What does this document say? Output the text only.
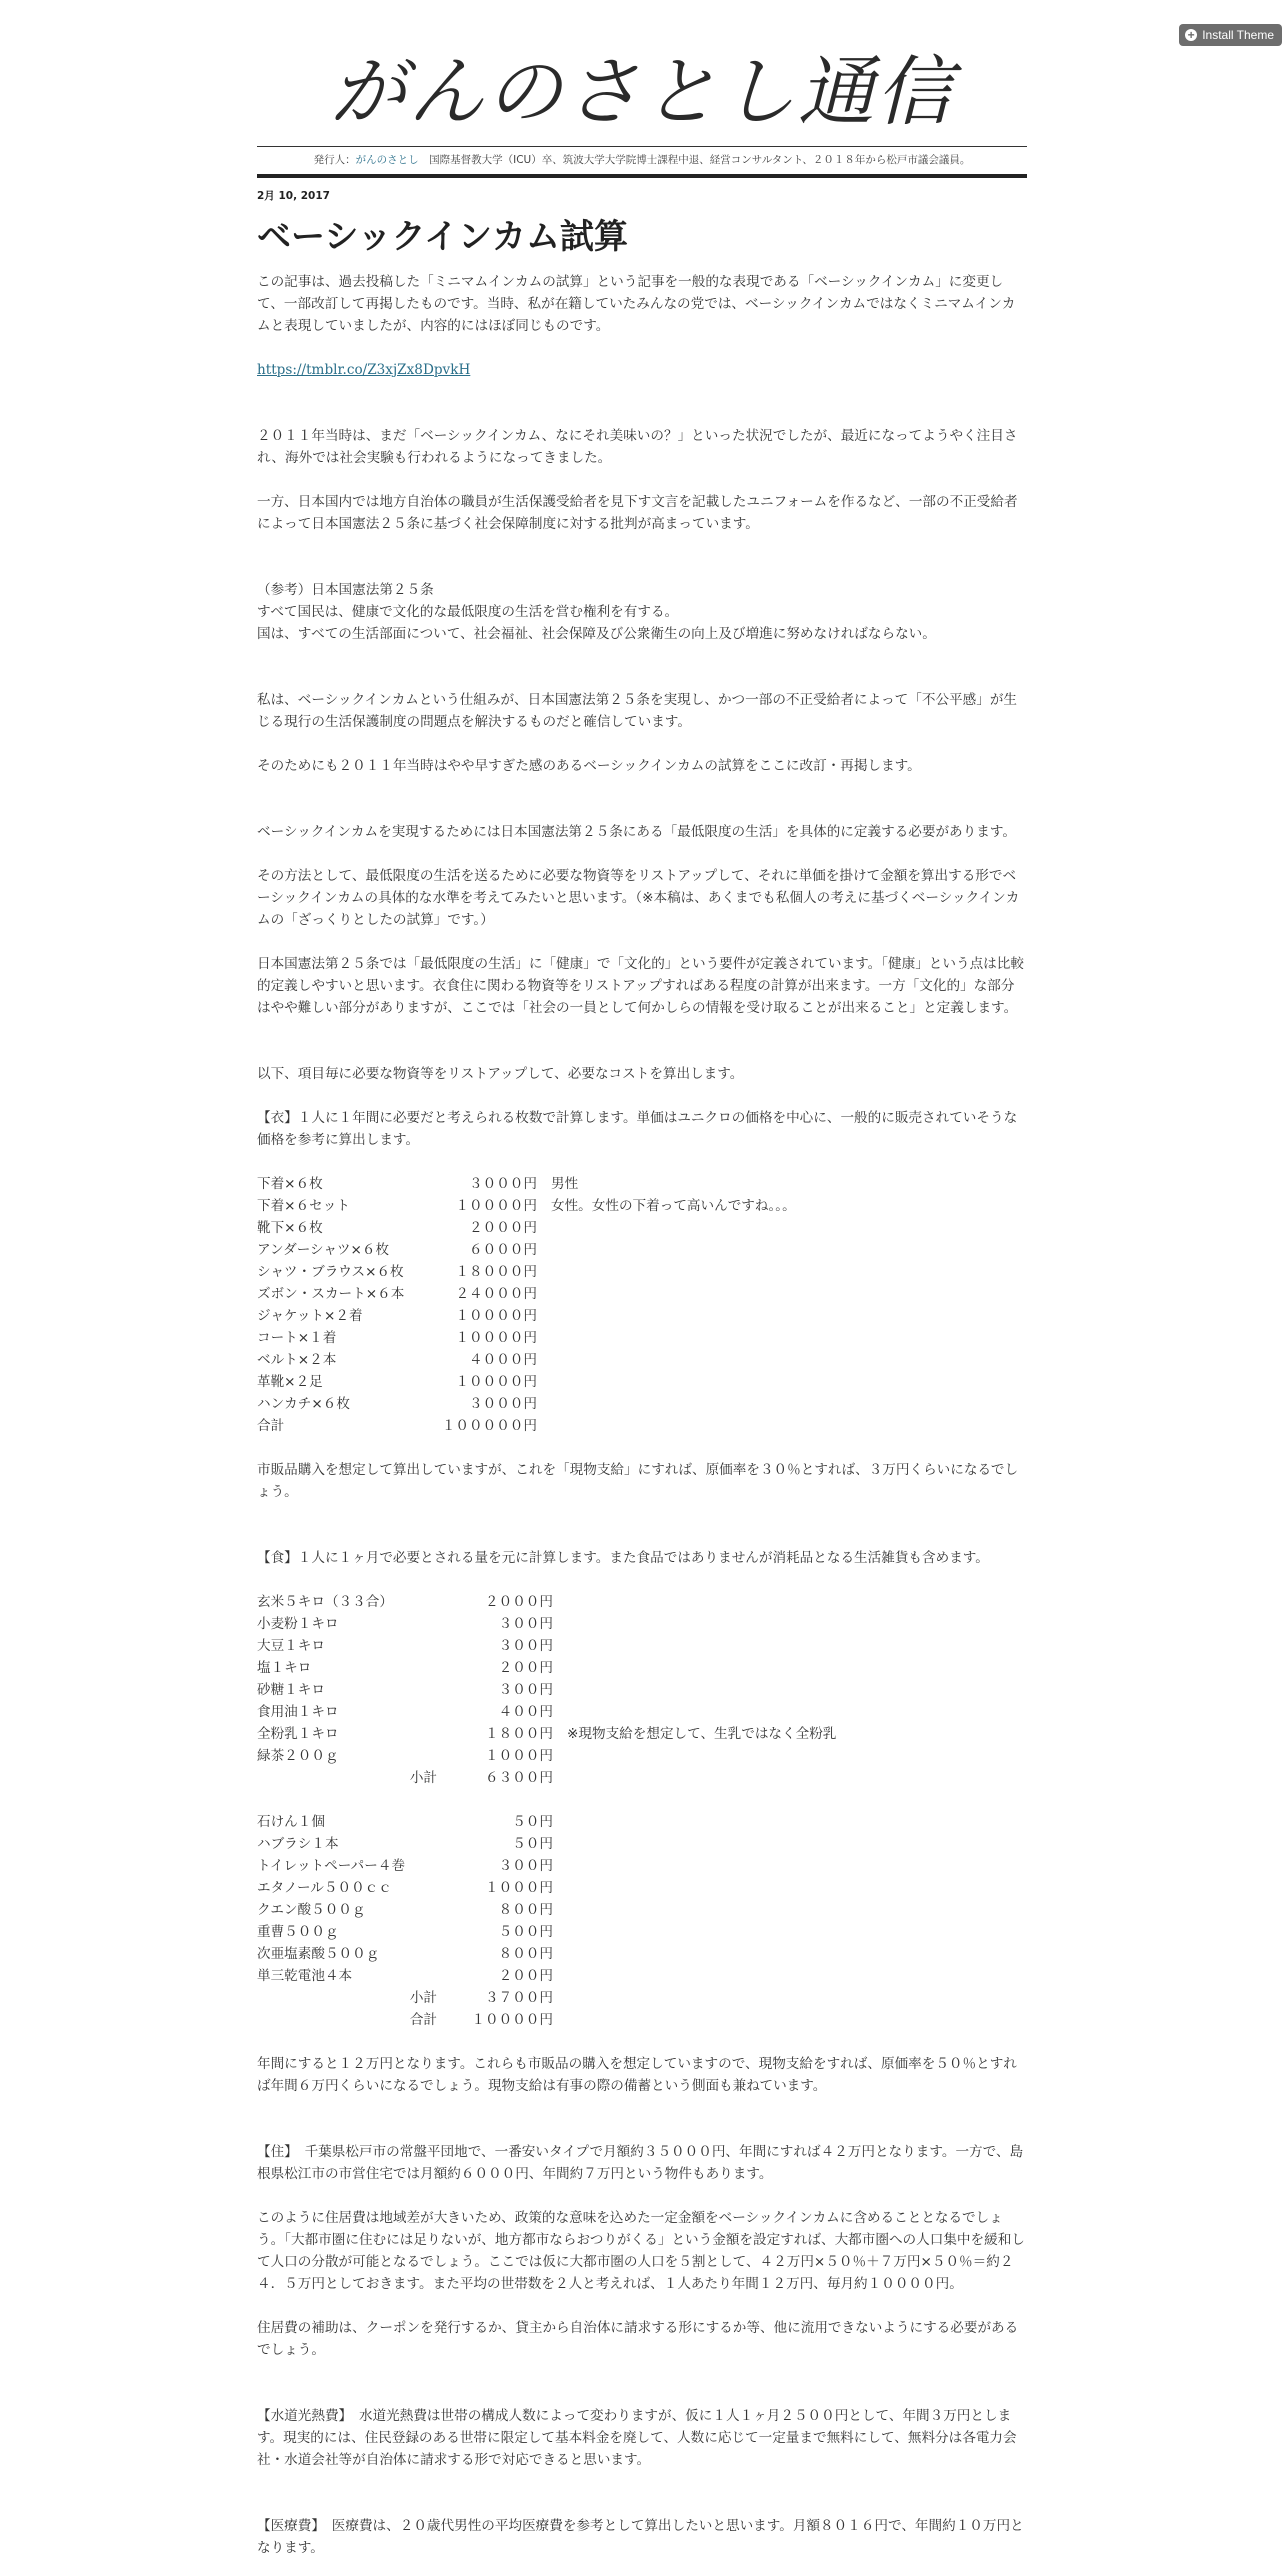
+ Install Theme
がんのさとし通信
発行人：がんのさとし　国際基督教大学（ICU）卒、筑波大学大学院博士課程中退、経営コンサルタント、２０１８年から松戸市議会議員。
2月 10, 2017
ベーシックインカム試算

この記事は、過去投稿した「ミニマムインカムの試算」という記事を一般的な表現である「ベーシックインカム」に変更して、一部改訂して再掲したものです。当時、私が在籍していたみんなの党では、ベーシックインカムではなくミニマムインカムと表現していましたが、内容的にはほぼ同じものです。

https://tmblr.co/Z3xjZx8DpvkH

２０１１年当時は、まだ「ベーシックインカム、なにそれ美味いの？」といった状況でしたが、最近になってようやく注目され、海外では社会実験も行われるようになってきました。

一方、日本国内では地方自治体の職員が生活保護受給者を見下す文言を記載したユニフォームを作るなど、一部の不正受給者によって日本国憲法２５条に基づく社会保障制度に対する批判が高まっています。

（参考）日本国憲法第２５条

すべて国民は、健康で文化的な最低限度の生活を営む権利を有する。

国は、すべての生活部面について、社会福祉、社会保障及び公衆衛生の向上及び増進に努めなければならない。

私は、ベーシックインカムという仕組みが、日本国憲法第２５条を実現し、かつ一部の不正受給者によって「不公平感」が生じる現行の生活保護制度の問題点を解決するものだと確信しています。

そのためにも２０１１年当時はやや早すぎた感のあるベーシックインカムの試算をここに改訂・再掲します。

ベーシックインカムを実現するためには日本国憲法第２５条にある「最低限度の生活」を具体的に定義する必要があります。

その方法として、最低限度の生活を送るために必要な物資等をリストアップして、それに単価を掛けて金額を算出する形でベーシックインカムの具体的な水準を考えてみたいと思います。（※本稿は、あくまでも私個人の考えに基づくベーシックインカムの「ざっくりとしたの試算」です。）

日本国憲法第２５条では「最低限度の生活」に「健康」で「文化的」という要件が定義されています。「健康」という点は比較的定義しやすいと思います。衣食住に関わる物資等をリストアップすればある程度の計算が出来ます。一方「文化的」な部分はやや難しい部分がありますが、ここでは「社会の一員として何かしらの情報を受け取ることが出来ること」と定義します。

以下、項目毎に必要な物資等をリストアップして、必要なコストを算出します。

【衣】１人に１年間に必要だと考えられる枚数で計算します。単価はユニクロの価格を中心に、一般的に販売されていそうな価格を参考に算出します。

下着×６枚	３０００円	男性
下着×６セット	１００００円	女性。女性の下着って高いんですね。。。
靴下×６枚	２０００円	
アンダーシャツ×６枚	６０００円	
シャツ・ブラウス×６枚	１８０００円	
ズボン・スカート×６本	２４０００円	
ジャケット×２着	１００００円	
コート×１着	１００００円	
ベルト×２本	４０００円	
革靴×２足	１００００円	
ハンカチ×６枚	３０００円	
合計	１０００００円	

市販品購入を想定して算出していますが、これを「現物支給」にすれば、原価率を３０％とすれば、３万円くらいになるでしょう。

【食】１人に１ヶ月で必要とされる量を元に計算します。また食品ではありませんが消耗品となる生活雑貨も含めます。

玄米５キロ（３３合）	２０００円	
小麦粉１キロ	３００円	
大豆１キロ	３００円	
塩１キロ	２００円	
砂糖１キロ	３００円	
食用油１キロ	４００円	
全粉乳１キロ	１８００円	※現物支給を想定して、生乳ではなく全粉乳
緑茶２００ｇ	１０００円	
小計	６３００円	
石けん１個	５０円
ハブラシ１本	５０円
トイレットペーパー４巻	３００円
エタノール５００ｃｃ	１０００円
クエン酸５００ｇ	８００円
重曹５００ｇ	５００円
次亜塩素酸５００ｇ	８００円
単三乾電池４本	２００円
小計	３７００円
合計	１００００円

年間にすると１２万円となります。これらも市販品の購入を想定していますので、現物支給をすれば、原価率を５０％とすれば年間６万円くらいになるでしょう。現物支給は有事の際の備蓄という側面も兼ねています。

【住】　千葉県松戸市の常盤平団地で、一番安いタイプで月額約３５０００円、年間にすれば４２万円となります。一方で、島根県松江市の市営住宅では月額約６０００円、年間約７万円という物件もあります。

このように住居費は地域差が大きいため、政策的な意味を込めた一定金額をベーシックインカムに含めることとなるでしょう。「大都市圏に住むには足りないが、地方都市ならおつりがくる」という金額を設定すれば、大都市圏への人口集中を緩和して人口の分散が可能となるでしょう。ここでは仮に大都市圏の人口を５割として、４２万円×５０％＋７万円×５０％＝約２４．５万円としておきます。また平均の世帯数を２人と考えれば、１人あたり年間１２万円、毎月約１００００円。

住居費の補助は、クーポンを発行するか、貸主から自治体に請求する形にするか等、他に流用できないようにする必要があるでしょう。

【水道光熱費】　水道光熱費は世帯の構成人数によって変わりますが、仮に１人１ヶ月２５００円として、年間３万円とします。現実的には、住民登録のある世帯に限定して基本料金を廃して、人数に応じて一定量まで無料にして、無料分は各電力会社・水道会社等が自治体に請求する形で対応できると思います。

【医療費】　医療費は、２０歳代男性の平均医療費を参考として算出したいと思います。月額８０１６円で、年間約１０万円となります。
